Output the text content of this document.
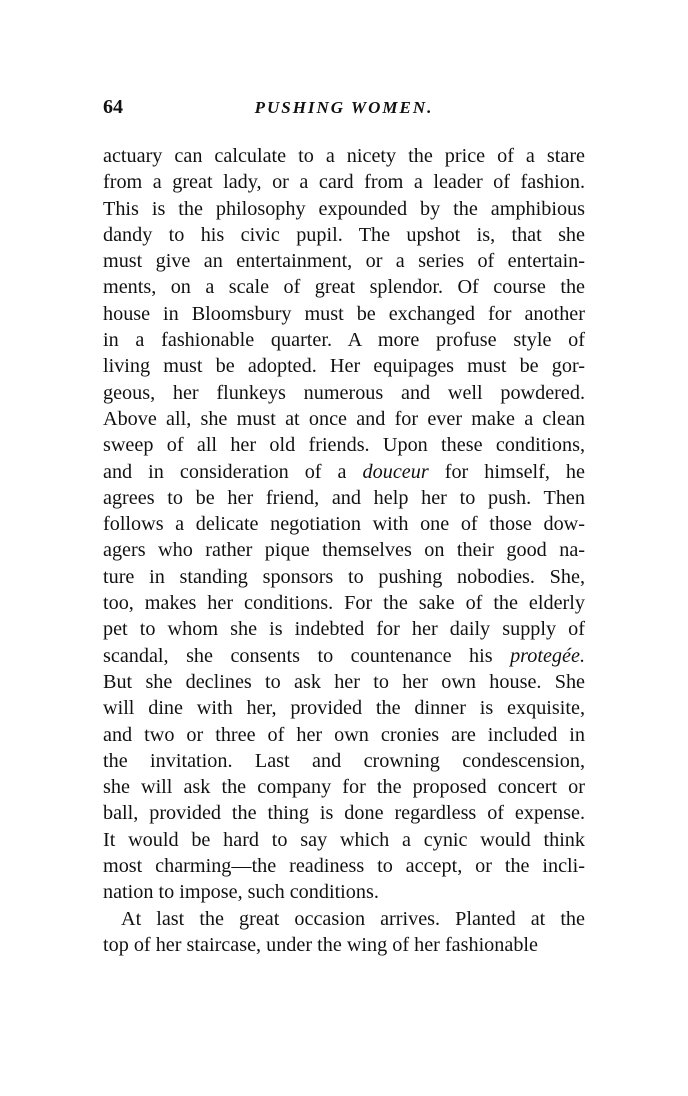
64	PUSHING WOMEN.
actuary can calculate to a nicety the price of a stare
from a great lady, or a card from a leader of fashion.
This is the philosophy expounded by the amphibious
dandy to his civic pupil. The upshot is, that she
must give an entertainment, or a series of entertain-
ments, on a scale of great splendor. Of course the
house in Bloomsbury must be exchanged for another
in a fashionable quarter. A more profuse style of
living must be adopted. Her equipages must be gor-
geous, her flunkeys numerous and well powdered.
Above all, she must at once and for ever make a clean
sweep of all her old friends. Upon these conditions,
and in consideration of a douceur for himself, he
agrees to be her friend, and help her to push. Then
follows a delicate negotiation with one of those dow-
agers who rather pique themselves on their good na-
ture in standing sponsors to pushing nobodies. She,
too, makes her conditions. For the sake of the elderly
pet to whom she is indebted for her daily supply of
scandal, she consents to countenance his protegée.
But she declines to ask her to her own house. She
will dine with her, provided the dinner is exquisite,
and two or three of her own cronies are included in
the invitation. Last and crowning condescension,
she will ask the company for the proposed concert or
ball, provided the thing is done regardless of expense.
It would be hard to say which a cynic would think
most charming—the readiness to accept, or the incli-
nation to impose, such conditions.
At last the great occasion arrives. Planted at the
top of her staircase, under the wing of her fashionable
